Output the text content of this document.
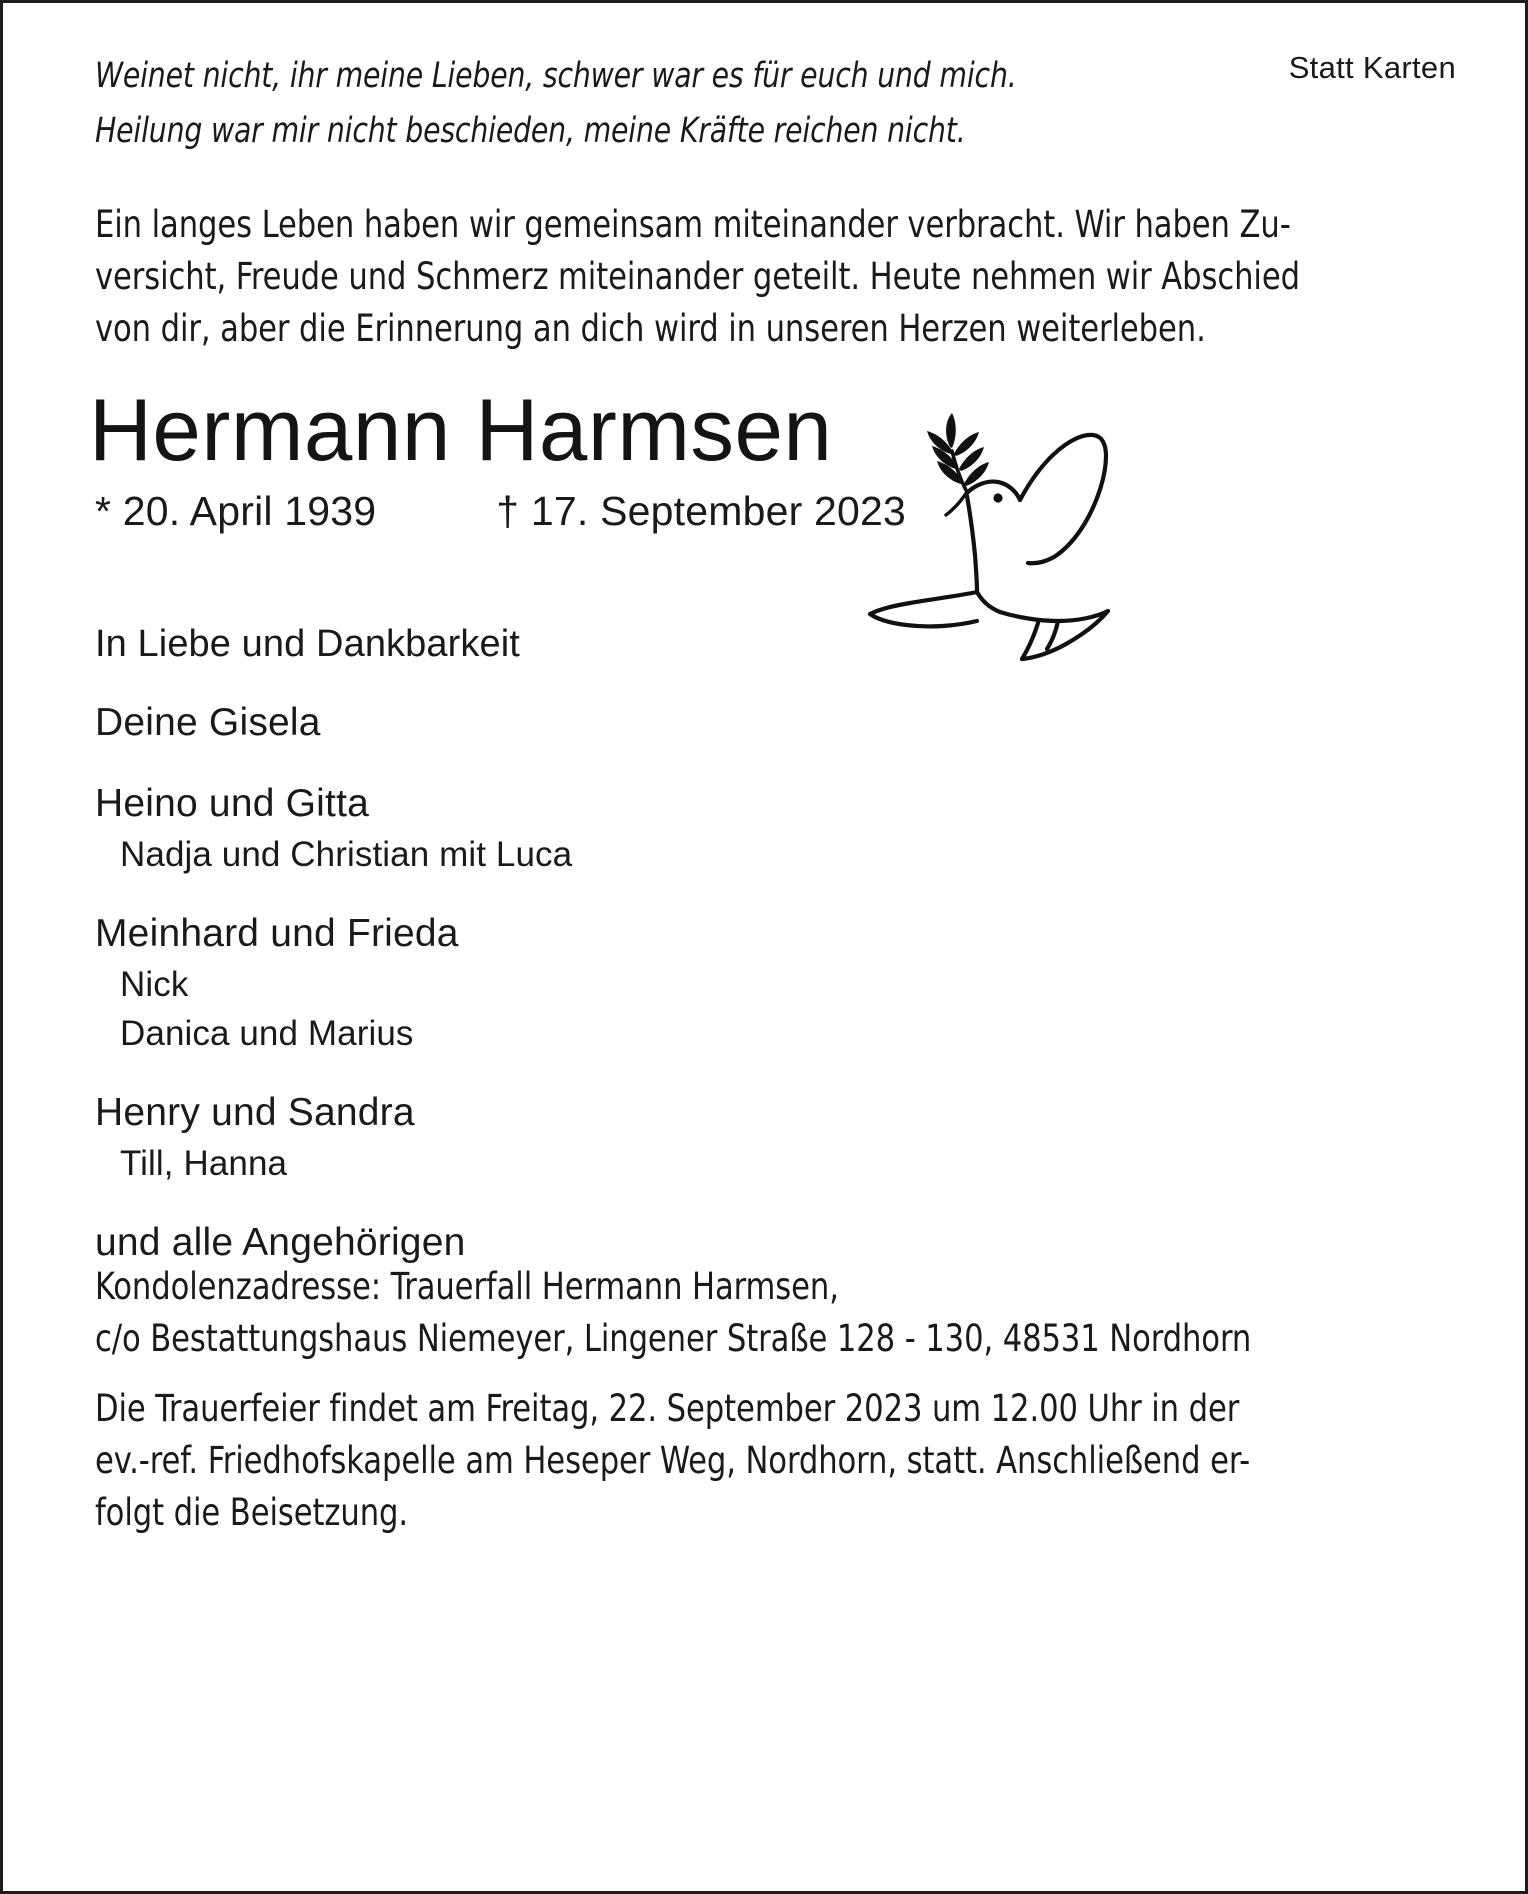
Weinet nicht, ihr meine Lieben, schwer war es für euch und mich.
Heilung war mir nicht beschieden, meine Kräfte reichen nicht.
Statt Karten
Ein langes Leben haben wir gemeinsam miteinander verbracht. Wir haben Zu-
versicht, Freude und Schmerz miteinander geteilt. Heute nehmen wir Abschied
von dir, aber die Erinnerung an dich wird in unseren Herzen weiterleben.
Hermann Harmsen
* 20. April 1939	† 17. September 2023
In Liebe und Dankbarkeit
Deine Gisela
Heino und Gitta
Nadja und Christian mit Luca
Meinhard und Frieda
Nick
Danica und Marius
Henry und Sandra
Till, Hanna
und alle Angehörigen
Kondolenzadresse: Trauerfall Hermann Harmsen,
c/o Bestattungshaus Niemeyer, Lingener Straße 128 - 130, 48531 Nordhorn
Die Trauerfeier findet am Freitag, 22. September 2023 um 12.00 Uhr in der
ev.-ref. Friedhofskapelle am Heseper Weg, Nordhorn, statt. Anschließend er-
folgt die Beisetzung.
